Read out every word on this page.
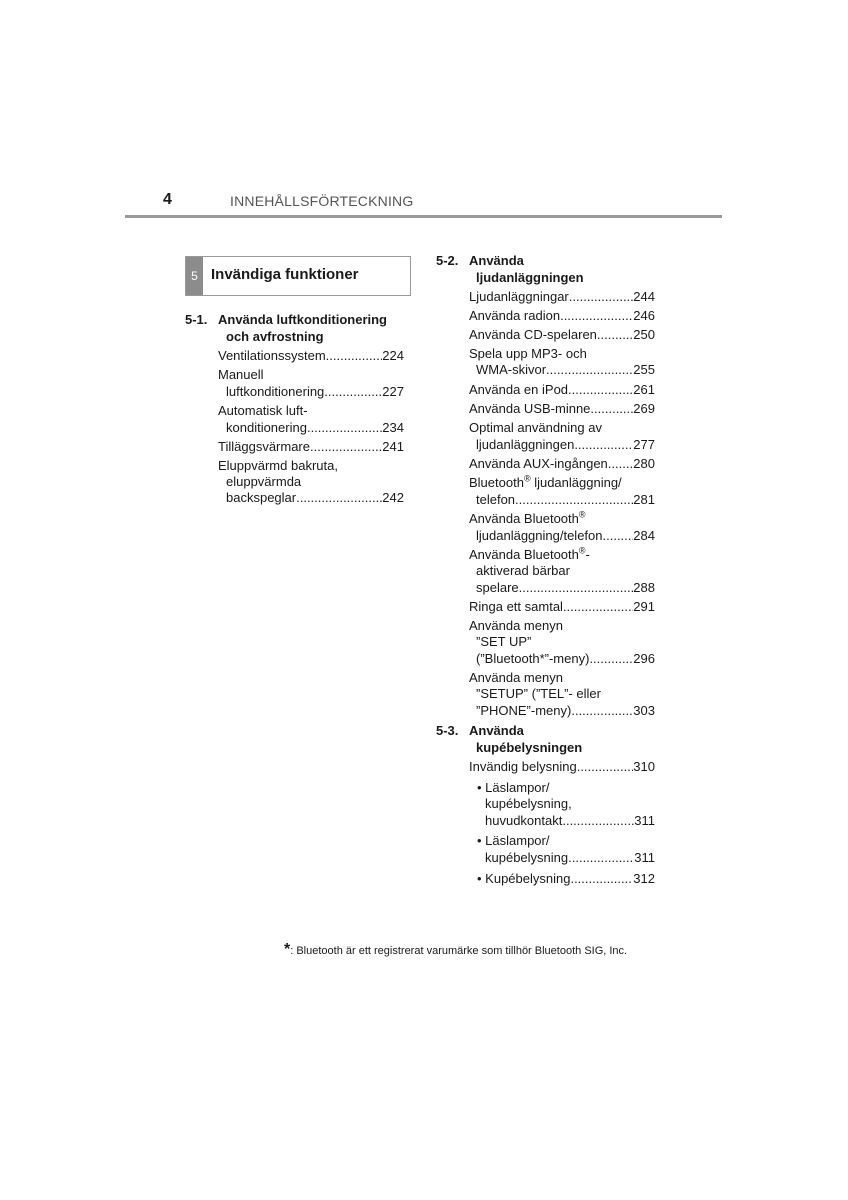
4	INNEHÅLLSFÖRTECKNING
5 Invändiga funktioner
5-1. Använda luftkonditionering
och avfrostning
Ventilationssystem .....	224
Manuell
luftkonditionering .....	227
Automatisk luft-
konditionering .....	234
Tilläggsvärmare .....	241
Eluppvärmd bakruta,
eluppvärmda
backspeglar .....	242
5-2. Använda
ljudanläggningen
Ljudanläggningar .....	244
Använda radion .....	246
Använda CD-spelaren .....	250
Spela upp MP3- och
WMA-skivor .....	255
Använda en iPod .....	261
Använda USB-minne .....	269
Optimal användning av
ljudanläggningen .....	277
Använda AUX-ingången ..... 280
Bluetooth® ljudanläggning/
telefon .....	281
Använda Bluetooth®
ljudanläggning/telefon ..... 284
Använda Bluetooth®-
aktiverad bärbar
spelare .....	288
Ringa ett samtal .....	291
Använda menyn
”SET UP”
(”Bluetooth*”-meny) .....	296
Använda menyn
”SETUP” (”TEL”- eller
”PHONE”-meny) .....	303
5-3. Använda
kupébelysningen
Invändig belysning .....	310
• Läslampor/
kupébelysning,
huvudkontakt .....	311
• Läslampor/
kupébelysning .....	311
• Kupébelysning .....	312
*: Bluetooth är ett registrerat varumärke som tillhör Bluetooth SIG, Inc.
